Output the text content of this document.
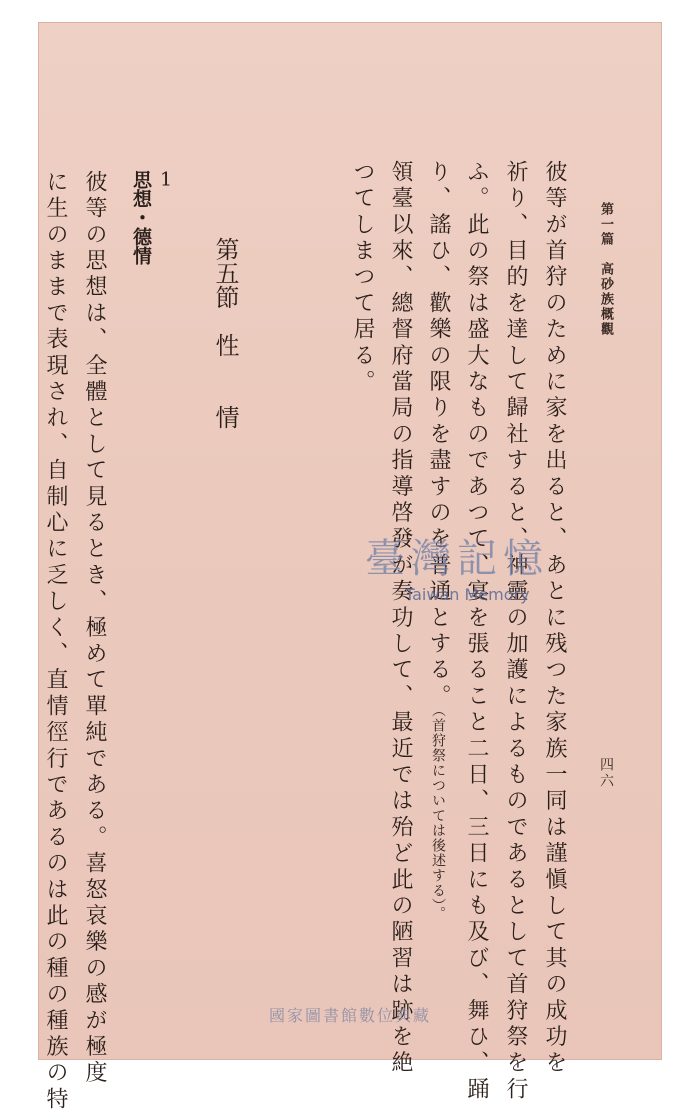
第一篇　高砂族概觀
四六
彼等が首狩のために家を出ると、あとに残つた家族一同は謹愼して其の成功を
祈り、目的を達して歸社すると、神靈の加護によるものであるとして首狩祭を行
ふ。此の祭は盛大なものであつて、宴を張ること二日、三日にも及び、舞ひ、踊
り、謠ひ、歡樂の限りを盡すのを普通とする。（首狩祭については後述する）。
領臺以來、總督府當局の指導啓發が奏功して、最近では殆ど此の陋習は跡を絶
つてしまつて居る。
第五節　性　　情
1
思想・德情
彼等の思想は、全體として見るとき、極めて單純である。喜怒哀樂の感が極度
に生のままで表現され、自制心に乏しく、直情徑行であるのは此の種の種族の特	臺灣記憶
Taiwan Memory
國家圖書館數位典藏
